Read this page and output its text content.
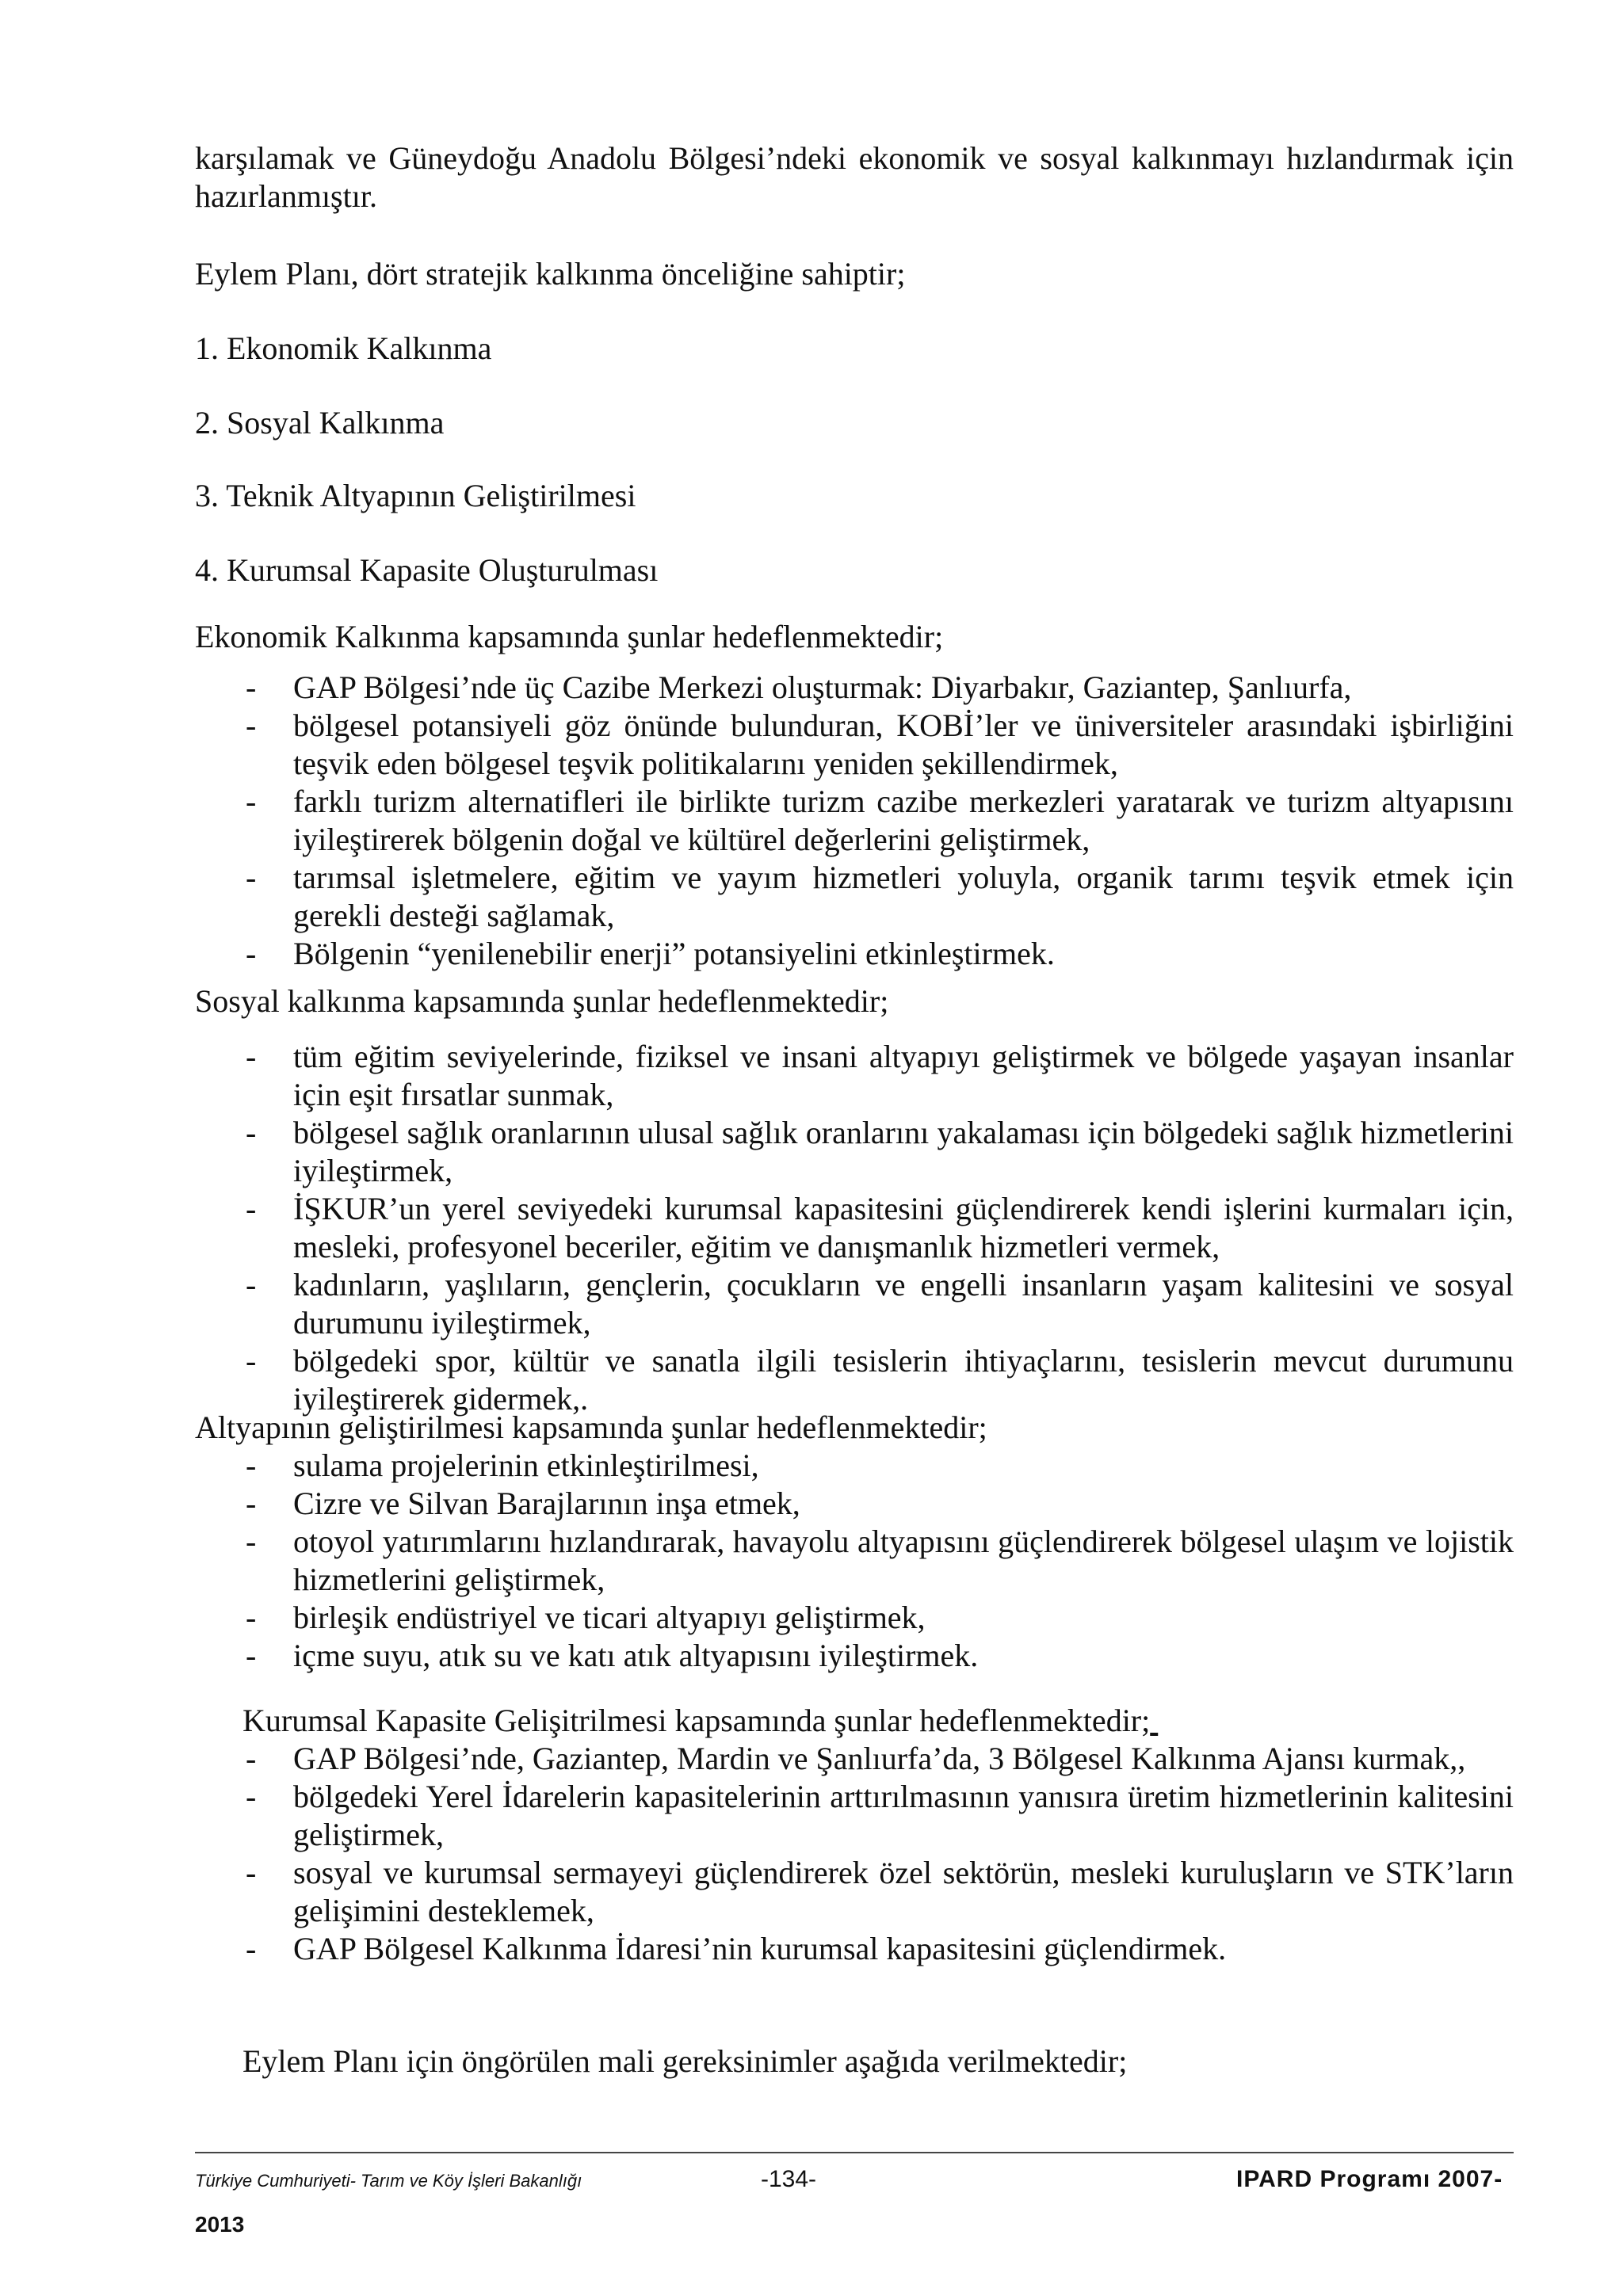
karşılamak ve Güneydoğu Anadolu Bölgesi’ndeki ekonomik ve sosyal kalkınmayı hızlandırmak için hazırlanmıştır.

Eylem Planı, dört stratejik kalkınma önceliğine sahiptir;

1. Ekonomik Kalkınma

2. Sosyal Kalkınma

3. Teknik Altyapının Geliştirilmesi

4. Kurumsal Kapasite Oluşturulması

Ekonomik Kalkınma kapsamında şunlar hedeflenmektedir;

- GAP Bölgesi’nde üç Cazibe Merkezi oluşturmak: Diyarbakır, Gaziantep, Şanlıurfa,
- bölgesel potansiyeli göz önünde bulunduran, KOBİ’ler ve üniversiteler arasındaki işbirliğini teşvik eden bölgesel teşvik politikalarını yeniden şekillendirmek,
- farklı turizm alternatifleri ile birlikte turizm cazibe merkezleri yaratarak ve turizm altyapısını iyileştirerek bölgenin doğal ve kültürel değerlerini geliştirmek,
- tarımsal işletmelere, eğitim ve yayım hizmetleri yoluyla, organik tarımı teşvik etmek için gerekli desteği sağlamak,
- Bölgenin “yenilenebilir enerji” potansiyelini etkinleştirmek.

Sosyal kalkınma kapsamında şunlar hedeflenmektedir;

- tüm eğitim seviyelerinde, fiziksel ve insani altyapıyı geliştirmek ve bölgede yaşayan insanlar için eşit fırsatlar sunmak,
- bölgesel sağlık oranlarının ulusal sağlık oranlarını yakalaması için bölgedeki sağlık hizmetlerini iyileştirmek,
- İŞKUR’un yerel seviyedeki kurumsal kapasitesini güçlendirerek kendi işlerini kurmaları için, mesleki, profesyonel beceriler, eğitim ve danışmanlık hizmetleri vermek,
- kadınların, yaşlıların, gençlerin, çocukların ve engelli insanların yaşam kalitesini ve sosyal durumunu iyileştirmek,
- bölgedeki spor, kültür ve sanatla ilgili tesislerin ihtiyaçlarını, tesislerin mevcut durumunu iyileştirerek gidermek,.

Altyapının geliştirilmesi kapsamında şunlar hedeflenmektedir;

- sulama projelerinin etkinleştirilmesi,
- Cizre ve Silvan Barajlarının inşa etmek,
- otoyol yatırımlarını hızlandırarak, havayolu altyapısını güçlendirerek bölgesel ulaşım ve lojistik hizmetlerini geliştirmek,
- birleşik endüstriyel ve ticari altyapıyı geliştirmek,
- içme suyu, atık su ve katı atık altyapısını iyileştirmek.

Kurumsal Kapasite Gelişitrilmesi kapsamında şunlar hedeflenmektedir;

- GAP Bölgesi’nde, Gaziantep, Mardin ve Şanlıurfa’da, 3 Bölgesel Kalkınma Ajansı kurmak,,
- bölgedeki Yerel İdarelerin kapasitelerinin arttırılmasının yanısıra üretim hizmetlerinin kalitesini geliştirmek,
- sosyal ve kurumsal sermayeyi güçlendirerek özel sektörün, mesleki kuruluşların ve STK’ların gelişimini desteklemek,
- GAP Bölgesel Kalkınma İdaresi’nin kurumsal kapasitesini güçlendirmek.

Eylem Planı için öngörülen mali gereksinimler aşağıda verilmektedir;

Türkiye Cumhuriyeti- Tarım ve Köy İşleri Bakanlığı	-134-	IPARD Programı 2007-
2013
